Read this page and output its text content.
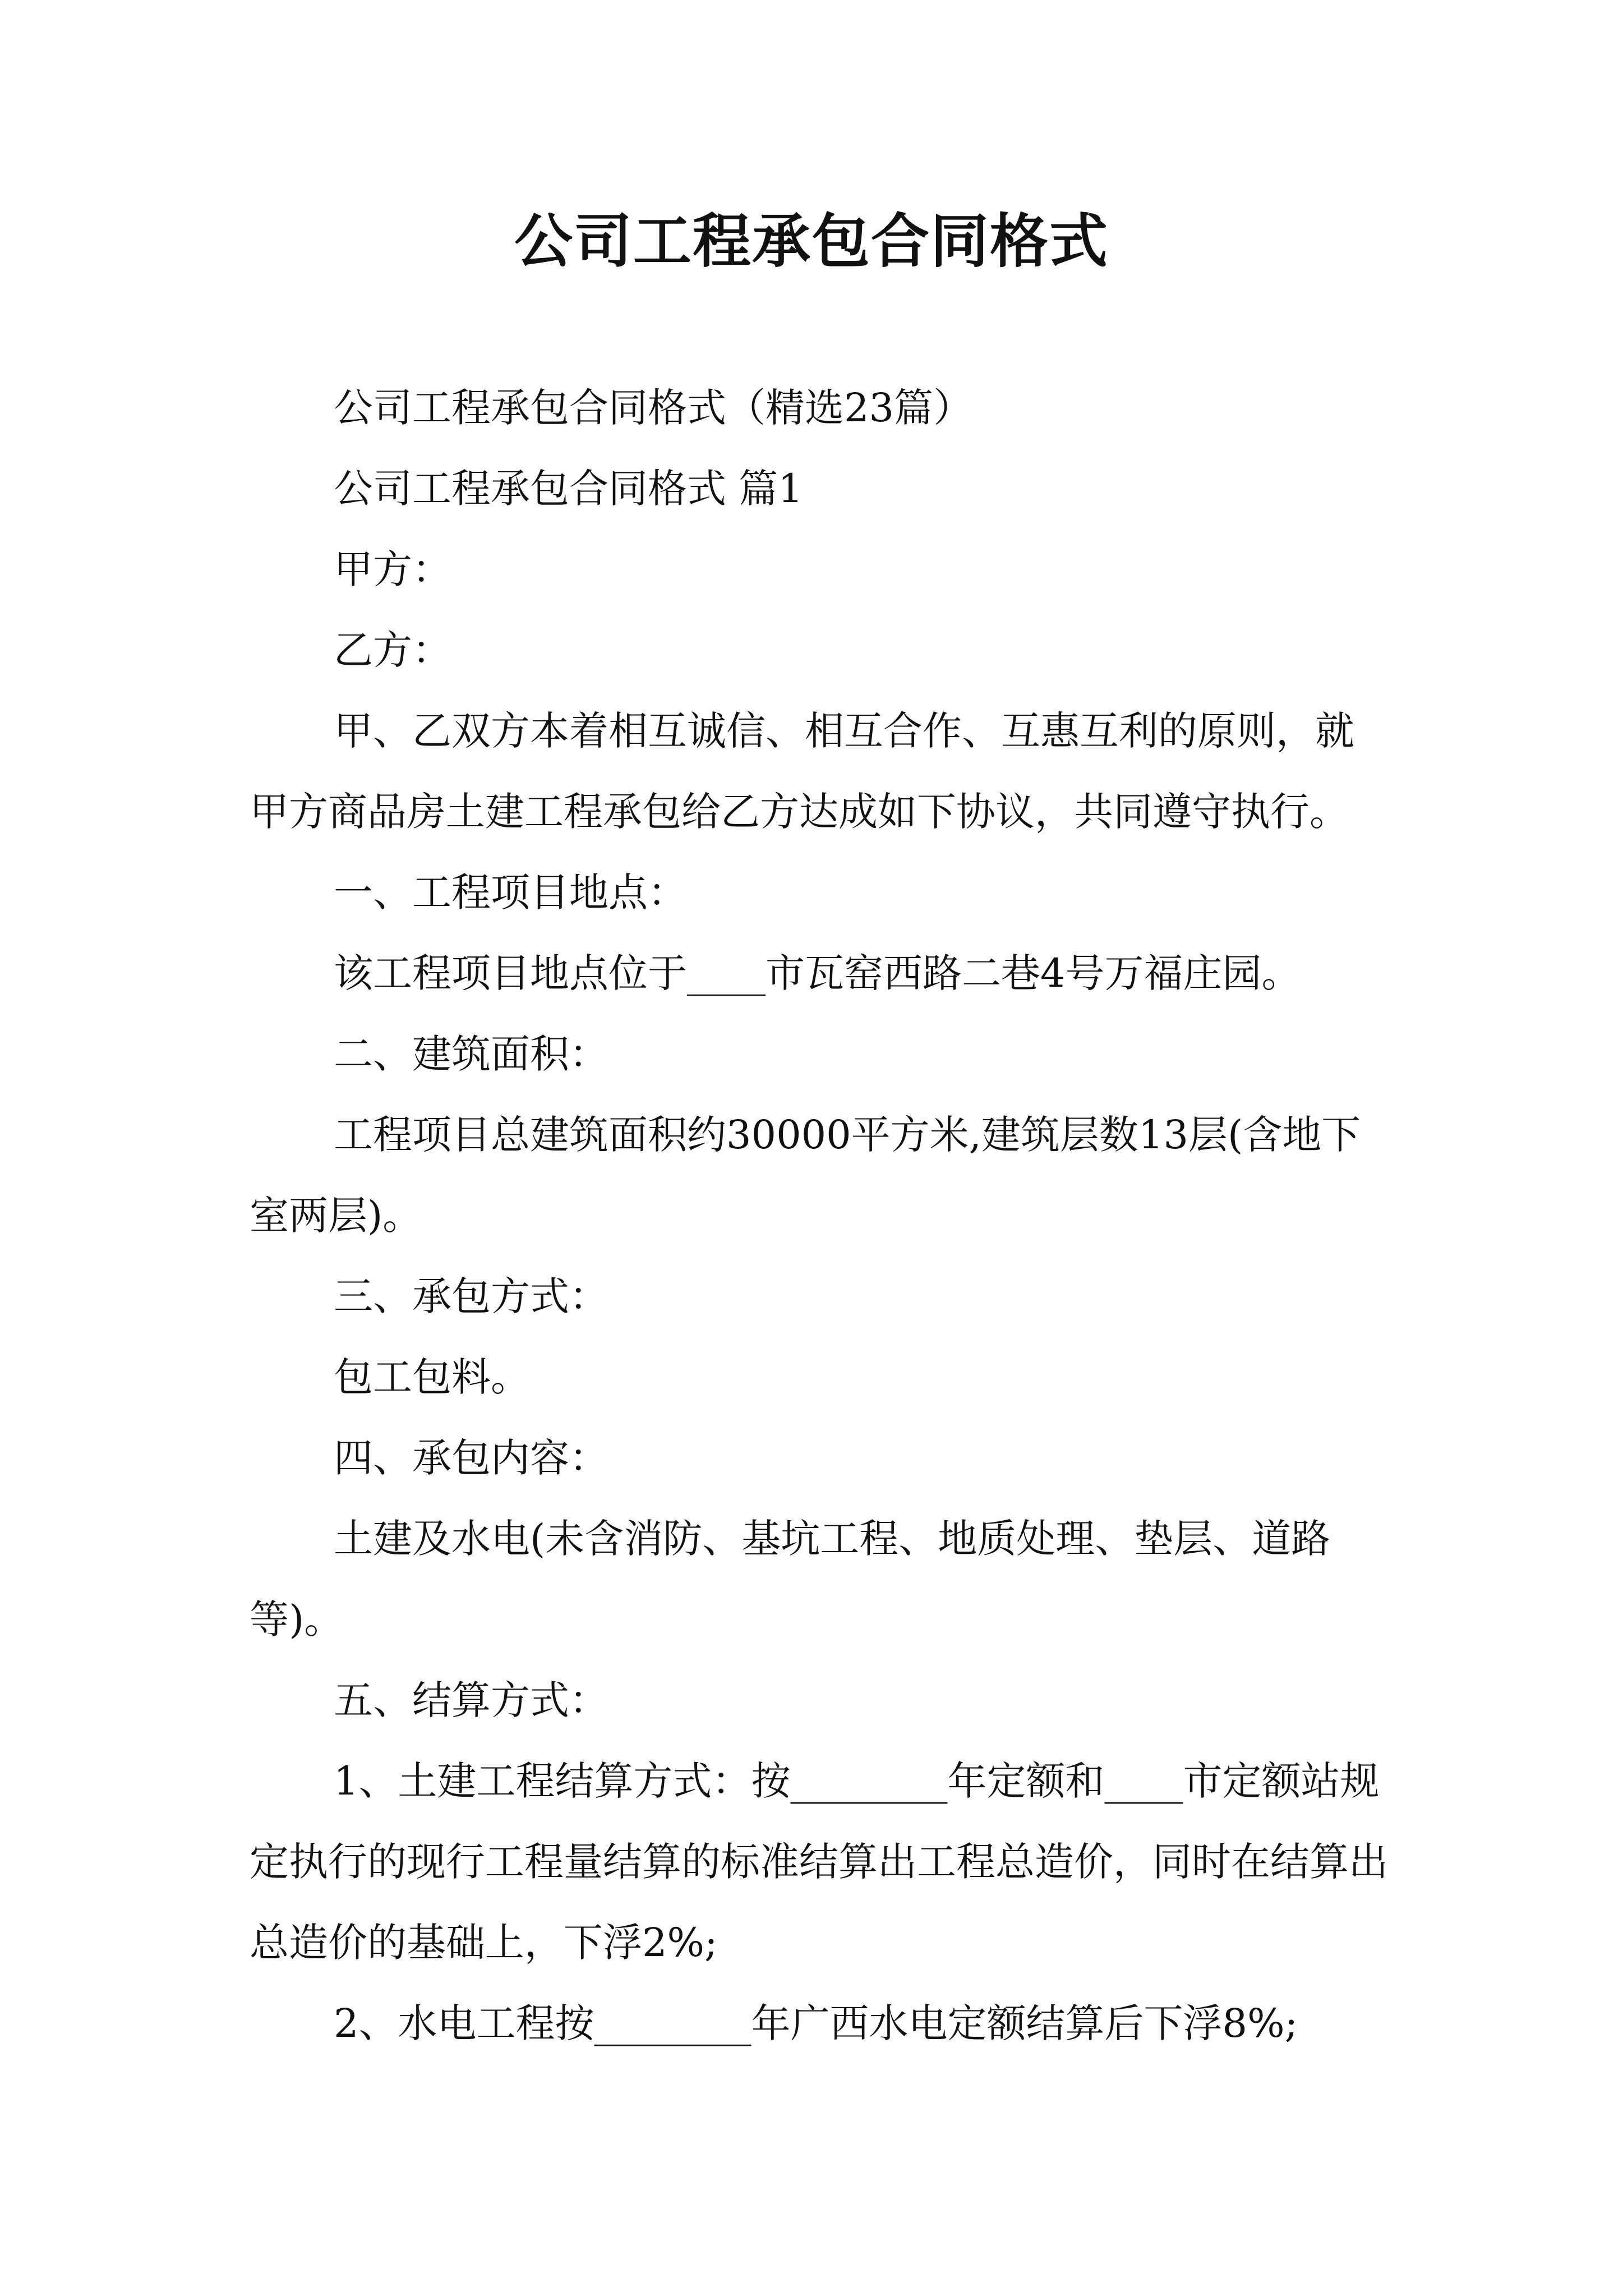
公司工程承包合同格式

公司工程承包合同格式（精选23篇）

公司工程承包合同格式 篇1

甲方：

乙方：

甲、乙双方本着相互诚信、相互合作、互惠互利的原则，就甲方商品房土建工程承包给乙方达成如下协议，共同遵守执行。

一、工程项目地点：

该工程项目地点位于____市瓦窑西路二巷4号万福庄园。

二、建筑面积：

工程项目总建筑面积约30000平方米,建筑层数13层(含地下室两层)。

三、承包方式：

包工包料。

四、承包内容：

土建及水电(未含消防、基坑工程、地质处理、垫层、道路等)。

五、结算方式：

1、土建工程结算方式：按________年定额和____市定额站规定执行的现行工程量结算的标准结算出工程总造价，同时在结算出总造价的基础上，下浮2%;

2、水电工程按________年广西水电定额结算后下浮8%;
